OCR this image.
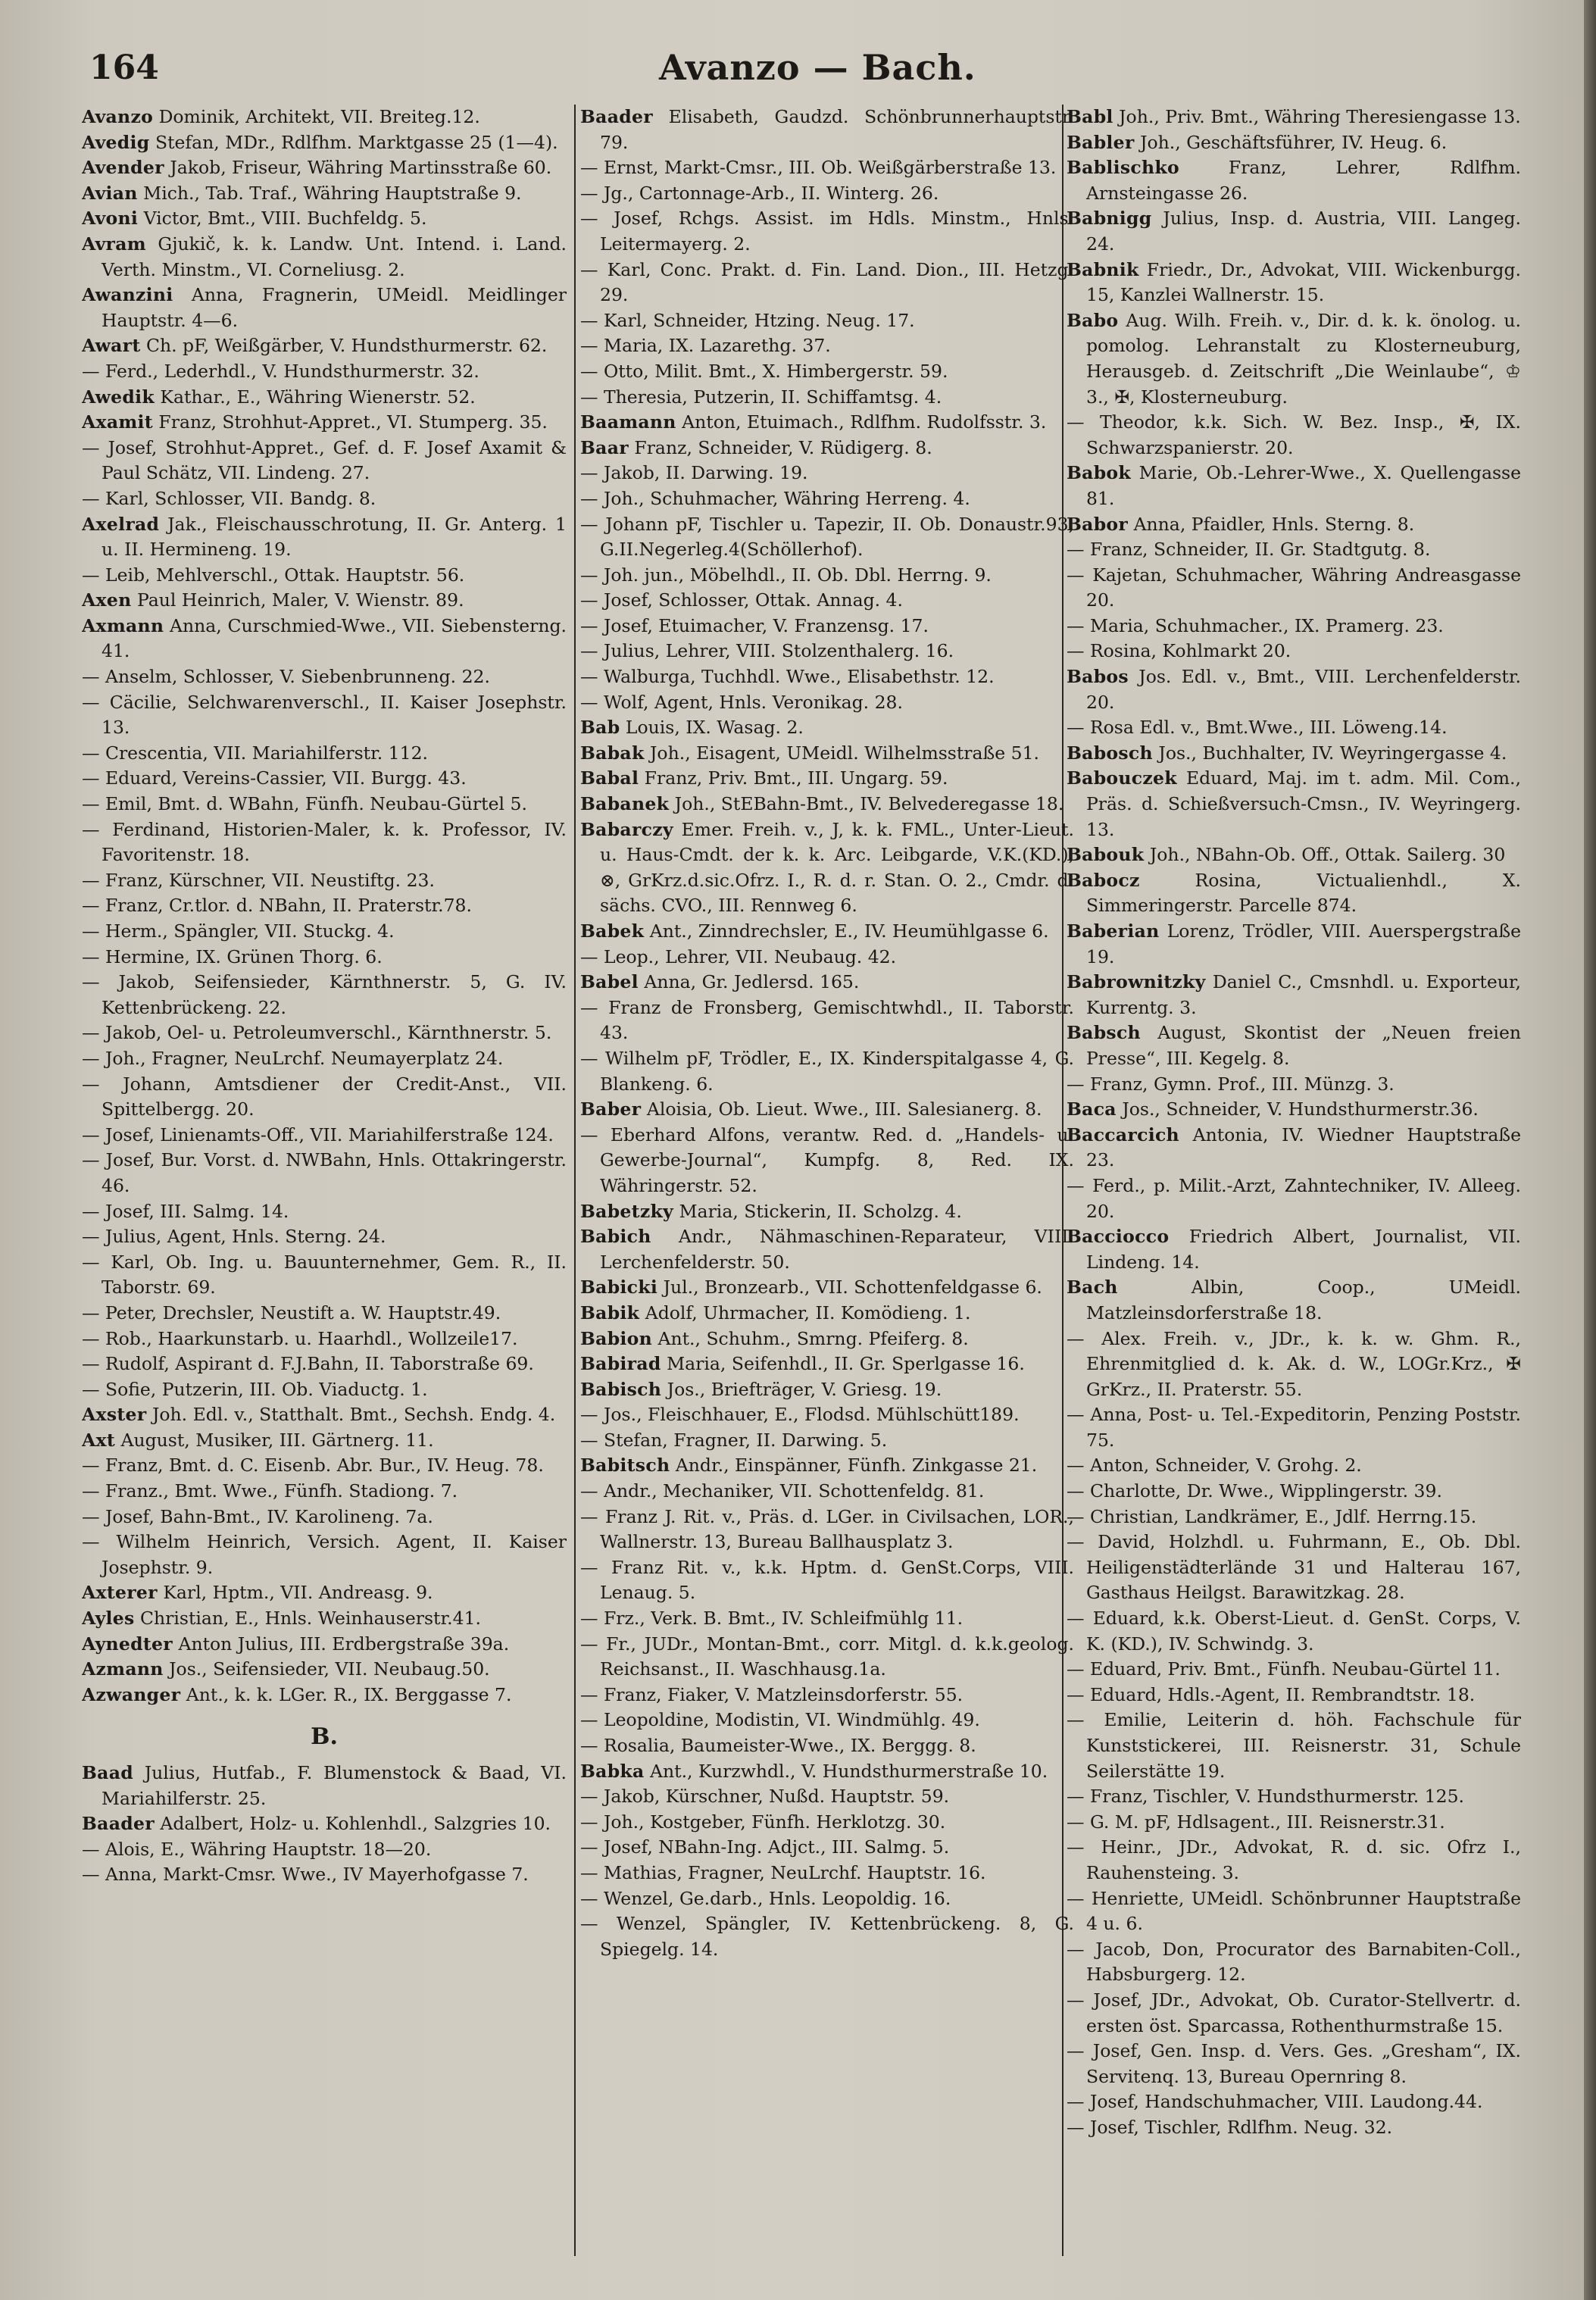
164	Avanzo — Bach.

Avanzo Dominik, Architekt, VII. Breiteg.12.

Avedig Stefan, MDr., Rdlfhm. Marktgasse 25 (1—4).

Avender Jakob, Friseur, Währing Martinsstraße 60.

Avian Mich., Tab. Traf., Währing Hauptstraße 9.

Avoni Victor, Bmt., VIII. Buchfeldg. 5.

Avram Gjukič, k. k. Landw. Unt. Intend. i. Land. Verth. Minstm., VI. Corneliusg. 2.

Awanzini Anna, Fragnerin, UMeidl. Meidlinger Hauptstr. 4—6.

Awart Ch. pF, Weißgärber, V. Hundsthurmerstr. 62.

— Ferd., Lederhdl., V. Hundsthurmerstr. 32.

Awedik Kathar., E., Währing Wienerstr. 52.

Axamit Franz, Strohhut-Appret., VI. Stumperg. 35.

— Josef, Strohhut-Appret., Gef. d. F. Josef Axamit & Paul Schätz, VII. Lindeng. 27.

— Karl, Schlosser, VII. Bandg. 8.

Axelrad Jak., Fleischausschrotung, II. Gr. Anterg. 1 u. II. Hermineng. 19.

— Leib, Mehlverschl., Ottak. Hauptstr. 56.

Axen Paul Heinrich, Maler, V. Wienstr. 89.

Axmann Anna, Curschmied-Wwe., VII. Siebensterng. 41.

— Anselm, Schlosser, V. Siebenbrunneng. 22.

— Cäcilie, Selchwarenverschl., II. Kaiser Josephstr. 13.

— Crescentia, VII. Mariahilferstr. 112.

— Eduard, Vereins-Cassier, VII. Burgg. 43.

— Emil, Bmt. d. WBahn, Fünfh. Neubau-Gürtel 5.

— Ferdinand, Historien-Maler, k. k. Professor, IV. Favoritenstr. 18.

— Franz, Kürschner, VII. Neustiftg. 23.

— Franz, Cr.tlor. d. NBahn, II. Praterstr.78.

— Herm., Spängler, VII. Stuckg. 4.

— Hermine, IX. Grünen Thorg. 6.

— Jakob, Seifensieder, Kärnthnerstr. 5, G. IV. Kettenbrückeng. 22.

— Jakob, Oel- u. Petroleumverschl., Kärnthnerstr. 5.

— Joh., Fragner, NeuLrchf. Neumayerplatz 24.

— Johann, Amtsdiener der Credit-Anst., VII. Spittelbergg. 20.

— Josef, Linienamts-Off., VII. Mariahilferstraße 124.

— Josef, Bur. Vorst. d. NWBahn, Hnls. Ottakringerstr. 46.

— Josef, III. Salmg. 14.

— Julius, Agent, Hnls. Sterng. 24.

— Karl, Ob. Ing. u. Bauunternehmer, Gem. R., II. Taborstr. 69.

— Peter, Drechsler, Neustift a. W. Hauptstr.49.

— Rob., Haarkunstarb. u. Haarhdl., Wollzeile17.

— Rudolf, Aspirant d. F.J.Bahn, II. Taborstraße 69.

— Sofie, Putzerin, III. Ob. Viaductg. 1.

Axster Joh. Edl. v., Statthalt. Bmt., Sechsh. Endg. 4.

Axt August, Musiker, III. Gärtnerg. 11.

— Franz, Bmt. d. C. Eisenb. Abr. Bur., IV. Heug. 78.

— Franz., Bmt. Wwe., Fünfh. Stadiong. 7.

— Josef, Bahn-Bmt., IV. Karolineng. 7a.

— Wilhelm Heinrich, Versich. Agent, II. Kaiser Josephstr. 9.

Axterer Karl, Hptm., VII. Andreasg. 9.

Ayles Christian, E., Hnls. Weinhauserstr.41.

Aynedter Anton Julius, III. Erdbergstraße 39a.

Azmann Jos., Seifensieder, VII. Neubaug.50.

Azwanger Ant., k. k. LGer. R., IX. Berggasse 7.

B.

Baad Julius, Hutfab., F. Blumenstock & Baad, VI. Mariahilferstr. 25.

Baader Adalbert, Holz- u. Kohlenhdl., Salzgries 10.

— Alois, E., Währing Hauptstr. 18—20.

— Anna, Markt-Cmsr. Wwe., IV Mayerhofgasse 7.

Baader Elisabeth, Gaudzd. Schönbrunnerhauptstr. 79.

— Ernst, Markt-Cmsr., III. Ob. Weißgärberstraße 13.

— Jg., Cartonnage-Arb., II. Winterg. 26.

— Josef, Rchgs. Assist. im Hdls. Minstm., Hnls. Leitermayerg. 2.

— Karl, Conc. Prakt. d. Fin. Land. Dion., III. Hetzg. 29.

— Karl, Schneider, Htzing. Neug. 17.

— Maria, IX. Lazarethg. 37.

— Otto, Milit. Bmt., X. Himbergerstr. 59.

— Theresia, Putzerin, II. Schiffamtsg. 4.

Baamann Anton, Etuimach., Rdlfhm. Rudolfsstr. 3.

Baar Franz, Schneider, V. Rüdigerg. 8.

— Jakob, II. Darwing. 19.

— Joh., Schuhmacher, Währing Herreng. 4.

— Johann pF, Tischler u. Tapezir, II. Ob. Donaustr.93, G.II.Negerleg.4(Schöllerhof).

— Joh. jun., Möbelhdl., II. Ob. Dbl. Herrng. 9.

— Josef, Schlosser, Ottak. Annag. 4.

— Josef, Etuimacher, V. Franzensg. 17.

— Julius, Lehrer, VIII. Stolzenthalerg. 16.

— Walburga, Tuchhdl. Wwe., Elisabethstr. 12.

— Wolf, Agent, Hnls. Veronikag. 28.

Bab Louis, IX. Wasag. 2.

Babak Joh., Eisagent, UMeidl. Wilhelmsstraße 51.

Babal Franz, Priv. Bmt., III. Ungarg. 59.

Babanek Joh., StEBahn-Bmt., IV. Belvederegasse 18.

Babarczy Emer. Freih. v., J, k. k. FML., Unter-Lieut. u. Haus-Cmdt. der k. k. Arc. Leibgarde, V.K.(KD.), ⊗, GrKrz.d.sic.Ofrz. I., R. d. r. Stan. O. 2., Cmdr. d. sächs. CVO., III. Rennweg 6.

Babek Ant., Zinndrechsler, E., IV. Heumühlgasse 6.

— Leop., Lehrer, VII. Neubaug. 42.

Babel Anna, Gr. Jedlersd. 165.

— Franz de Fronsberg, Gemischtwhdl., II. Taborstr. 43.

— Wilhelm pF, Trödler, E., IX. Kinderspitalgasse 4, G. Blankeng. 6.

Baber Aloisia, Ob. Lieut. Wwe., III. Salesianerg. 8.

— Eberhard Alfons, verantw. Red. d. „Handels- u. Gewerbe-Journal“, Kumpfg. 8, Red. IX. Währingerstr. 52.

Babetzky Maria, Stickerin, II. Scholzg. 4.

Babich Andr., Nähmaschinen-Reparateur, VIII. Lerchenfelderstr. 50.

Babicki Jul., Bronzearb., VII. Schottenfeldgasse 6.

Babik Adolf, Uhrmacher, II. Komödieng. 1.

Babion Ant., Schuhm., Smrng. Pfeiferg. 8.

Babirad Maria, Seifenhdl., II. Gr. Sperlgasse 16.

Babisch Jos., Briefträger, V. Griesg. 19.

— Jos., Fleischhauer, E., Flodsd. Mühlschütt189.

— Stefan, Fragner, II. Darwing. 5.

Babitsch Andr., Einspänner, Fünfh. Zinkgasse 21.

— Andr., Mechaniker, VII. Schottenfeldg. 81.

— Franz J. Rit. v., Präs. d. LGer. in Civilsachen, LOR., Wallnerstr. 13, Bureau Ballhausplatz 3.

— Franz Rit. v., k.k. Hptm. d. GenSt.Corps, VIII. Lenaug. 5.

— Frz., Verk. B. Bmt., IV. Schleifmühlg 11.

— Fr., JUDr., Montan-Bmt., corr. Mitgl. d. k.k.geolog. Reichsanst., II. Waschhausg.1a.

— Franz, Fiaker, V. Matzleinsdorferstr. 55.

— Leopoldine, Modistin, VI. Windmühlg. 49.

— Rosalia, Baumeister-Wwe., IX. Berggg. 8.

Babka Ant., Kurzwhdl., V. Hundsthurmerstraße 10.

— Jakob, Kürschner, Nußd. Hauptstr. 59.

— Joh., Kostgeber, Fünfh. Herklotzg. 30.

— Josef, NBahn-Ing. Adjct., III. Salmg. 5.

— Mathias, Fragner, NeuLrchf. Hauptstr. 16.

— Wenzel, Ge.darb., Hnls. Leopoldig. 16.

— Wenzel, Spängler, IV. Kettenbrückeng. 8, G. Spiegelg. 14.

Babl Joh., Priv. Bmt., Währing Theresiengasse 13.

Babler Joh., Geschäftsführer, IV. Heug. 6.

Bablischko	Franz, Lehrer, Rdlfhm. Arnsteingasse 26.

Babnigg Julius, Insp. d. Austria, VIII. Langeg. 24.

Babnik Friedr., Dr., Advokat, VIII. Wickenburgg. 15, Kanzlei Wallnerstr. 15.

Babo Aug. Wilh. Freih. v., Dir. d. k. k. önolog. u. pomolog. Lehranstalt zu Klosterneuburg, Herausgeb. d. Zeitschrift „Die Weinlaube“, ♔ 3., ✠, Klosterneuburg.

— Theodor, k.k. Sich. W. Bez. Insp., ✠, IX. Schwarzspanierstr. 20.

Babok Marie, Ob.-Lehrer-Wwe., X. Quellengasse 81.

Babor Anna, Pfaidler, Hnls. Sterng. 8.

— Franz, Schneider, II. Gr. Stadtgutg. 8.

— Kajetan, Schuhmacher, Währing Andreasgasse 20.

— Maria, Schuhmacher., IX. Pramerg. 23.

— Rosina, Kohlmarkt 20.

Babos Jos. Edl. v., Bmt., VIII. Lerchenfelderstr. 20.

— Rosa Edl. v., Bmt.Wwe., III. Löweng.14.

Babosch Jos., Buchhalter, IV. Weyringergasse 4.

Babouczek Eduard, Maj. im t. adm. Mil. Com., Präs. d. Schießversuch-Cmsn., IV. Weyringerg. 13.

Babouk Joh., NBahn-Ob. Off., Ottak. Sailerg. 30

Babocz	Rosina, Victualienhdl., X. Simmeringerstr. Parcelle 874.

Baberian Lorenz, Trödler, VIII. Auerspergstraße 19.

Babrownitzky Daniel C., Cmsnhdl. u. Exporteur, Kurrentg. 3.

Babsch August, Skontist der „Neuen freien Presse“, III. Kegelg. 8.

— Franz, Gymn. Prof., III. Münzg. 3.

Baca Jos., Schneider, V. Hundsthurmerstr.36.

Baccarcich Antonia, IV. Wiedner Hauptstraße 23.

— Ferd., p. Milit.-Arzt, Zahntechniker, IV. Alleeg. 20.

Bacciocco Friedrich Albert, Journalist, VII. Lindeng. 14.

Bach	Albin, Coop., UMeidl. Matzleinsdorferstraße 18.

— Alex. Freih. v., JDr., k. k. w. Ghm. R., Ehrenmitglied d. k. Ak. d. W., LOGr.Krz., ✠ GrKrz., II. Praterstr. 55.

— Anna, Post- u. Tel.-Expeditorin, Penzing Poststr. 75.

— Anton, Schneider, V. Grohg. 2.

— Charlotte, Dr. Wwe., Wipplingerstr. 39.

— Christian, Landkrämer, E., Jdlf. Herrng.15.

— David, Holzhdl. u. Fuhrmann, E., Ob. Dbl. Heiligenstädterlände 31 und Halterau 167, Gasthaus Heilgst. Barawitzkag. 28.

— Eduard, k.k. Oberst-Lieut. d. GenSt. Corps, V. K. (KD.), IV. Schwindg. 3.

— Eduard, Priv. Bmt., Fünfh. Neubau-Gürtel 11.

— Eduard, Hdls.-Agent, II. Rembrandtstr. 18.

— Emilie, Leiterin d. höh. Fachschule für Kunststickerei, III. Reisnerstr. 31, Schule Seilerstätte 19.

— Franz, Tischler, V. Hundsthurmerstr. 125.

— G. M. pF, Hdlsagent., III. Reisnerstr.31.

— Heinr., JDr., Advokat, R. d. sic. Ofrz I., Rauhensteing. 3.

— Henriette, UMeidl. Schönbrunner Hauptstraße 4 u. 6.

— Jacob, Don, Procurator des Barnabiten-Coll., Habsburgerg. 12.

— Josef, JDr., Advokat, Ob. Curator-Stellvertr. d. ersten öst. Sparcassa, Rothenthurmstraße 15.

— Josef, Gen. Insp. d. Vers. Ges. „Gresham“, IX. Servitenq. 13, Bureau Opernring 8.

— Josef, Handschuhmacher, VIII. Laudong.44.

— Josef, Tischler, Rdlfhm. Neug. 32.
